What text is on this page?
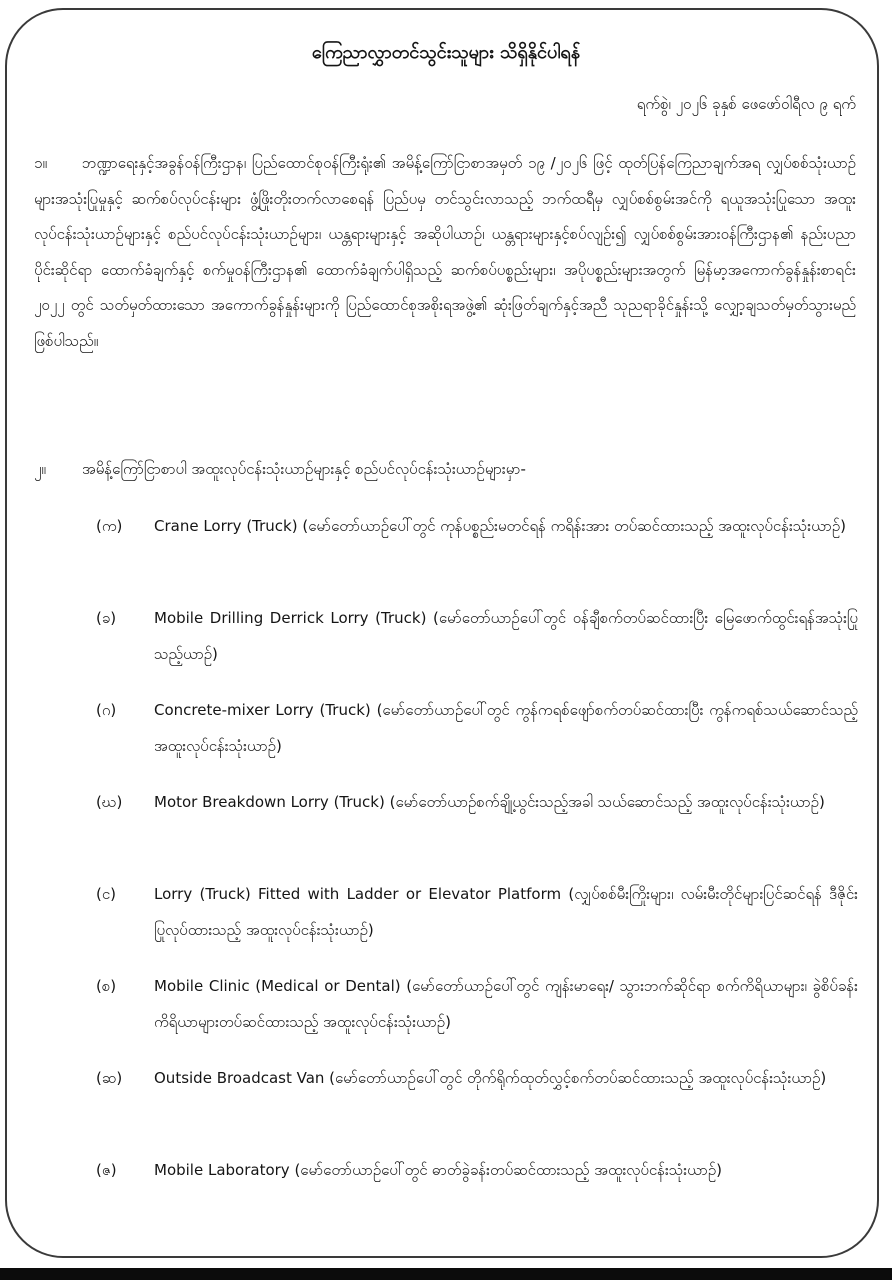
ကြေညာလွှာတင်သွင်းသူများ သိရှိနိုင်ပါရန်
ရက်စွဲ၊ ၂၀၂၆ ခုနှစ် ဖေဖော်ဝါရီလ ၉ ရက်
၁။ ဘဏ္ဍာရေးနှင့်အခွန်ဝန်ကြီးဌာန၊ ပြည်ထောင်စုဝန်ကြီးရုံး၏ အမိန့်ကြော်ငြာစာအမှတ် ၁၉ /၂၀၂၆ ဖြင့် ထုတ်ပြန်ကြေညာချက်အရ လျှပ်စစ်သုံးယာဉ်များအသုံးပြုမှုနှင့် ဆက်စပ်လုပ်ငန်းများ ဖွံ့ဖြိုးတိုးတက်လာစေရန် ပြည်ပမှ တင်သွင်းလာသည့် ဘက်ထရီမှ လျှပ်စစ်စွမ်းအင်ကို ရယူအသုံးပြုသော အထူးလုပ်ငန်းသုံးယာဉ်များနှင့် စည်ပင်လုပ်ငန်းသုံးယာဉ်များ၊ ယန္တရားများနှင့် အဆိုပါယာဉ်၊ ယန္တရားများနှင့်စပ်လျဉ်း၍ လျှပ်စစ်စွမ်းအားဝန်ကြီးဌာန၏ နည်းပညာပိုင်းဆိုင်ရာ ထောက်ခံချက်နှင့် စက်မှုဝန်ကြီးဌာန၏ ထောက်ခံချက်ပါရှိသည့် ဆက်စပ်ပစ္စည်းများ၊ အပိုပစ္စည်းများအတွက် မြန်မာ့အကောက်ခွန်နှုန်းစာရင်း ၂၀၂၂ တွင် သတ်မှတ်ထားသော အကောက်ခွန်နှုန်းများကို ပြည်ထောင်စုအစိုးရအဖွဲ့၏ ဆုံးဖြတ်ချက်နှင့်အညီ သုညရာခိုင်နှုန်းသို့ လျှော့ချသတ်မှတ်သွားမည်ဖြစ်ပါသည်။
၂။ အမိန့်ကြော်ငြာစာပါ အထူးလုပ်ငန်းသုံးယာဉ်များနှင့် စည်ပင်လုပ်ငန်းသုံးယာဉ်များမှာ-
(က)	Crane Lorry (Truck) (မော်တော်ယာဉ်ပေါ်တွင် ကုန်ပစ္စည်းမတင်ရန် ကရိန်းအား တပ်ဆင်ထားသည့် အထူးလုပ်ငန်းသုံးယာဉ်)
(ခ)	Mobile Drilling Derrick Lorry (Truck) (မော်တော်ယာဉ်ပေါ်တွင် ဝန်ချီစက်တပ်ဆင်ထားပြီး မြေဖောက်ထွင်းရန်အသုံးပြုသည့်ယာဉ်)
(ဂ)	Concrete-mixer Lorry (Truck) (မော်တော်ယာဉ်ပေါ်တွင် ကွန်ကရစ်ဖျော်စက်တပ်ဆင်ထားပြီး ကွန်ကရစ်သယ်ဆောင်သည့် အထူးလုပ်ငန်းသုံးယာဉ်)
(ဃ)	Motor Breakdown Lorry (Truck) (မော်တော်ယာဉ်စက်ချို့ယွင်းသည့်အခါ သယ်ဆောင်သည့် အထူးလုပ်ငန်းသုံးယာဉ်)
(င)	Lorry (Truck) Fitted with Ladder or Elevator Platform (လျှပ်စစ်မီးကြိုးများ၊ လမ်းမီးတိုင်များပြင်ဆင်ရန် ဒီဇိုင်းပြုလုပ်ထားသည့် အထူးလုပ်ငန်းသုံးယာဉ်)
(စ)	Mobile Clinic (Medical or Dental) (မော်တော်ယာဉ်ပေါ်တွင် ကျန်းမာရေး/ သွားဘက်ဆိုင်ရာ စက်ကိရိယာများ၊ ခွဲစိပ်ခန်းကိရိယာများတပ်ဆင်ထားသည့် အထူးလုပ်ငန်းသုံးယာဉ်)
(ဆ)	Outside Broadcast Van (မော်တော်ယာဉ်ပေါ်တွင် တိုက်ရိုက်ထုတ်လွှင့်စက်တပ်ဆင်ထားသည့် အထူးလုပ်ငန်းသုံးယာဉ်)
(ဇ)	Mobile Laboratory (မော်တော်ယာဉ်ပေါ်တွင် ဓာတ်ခွဲခန်းတပ်ဆင်ထားသည့် အထူးလုပ်ငန်းသုံးယာဉ်)
